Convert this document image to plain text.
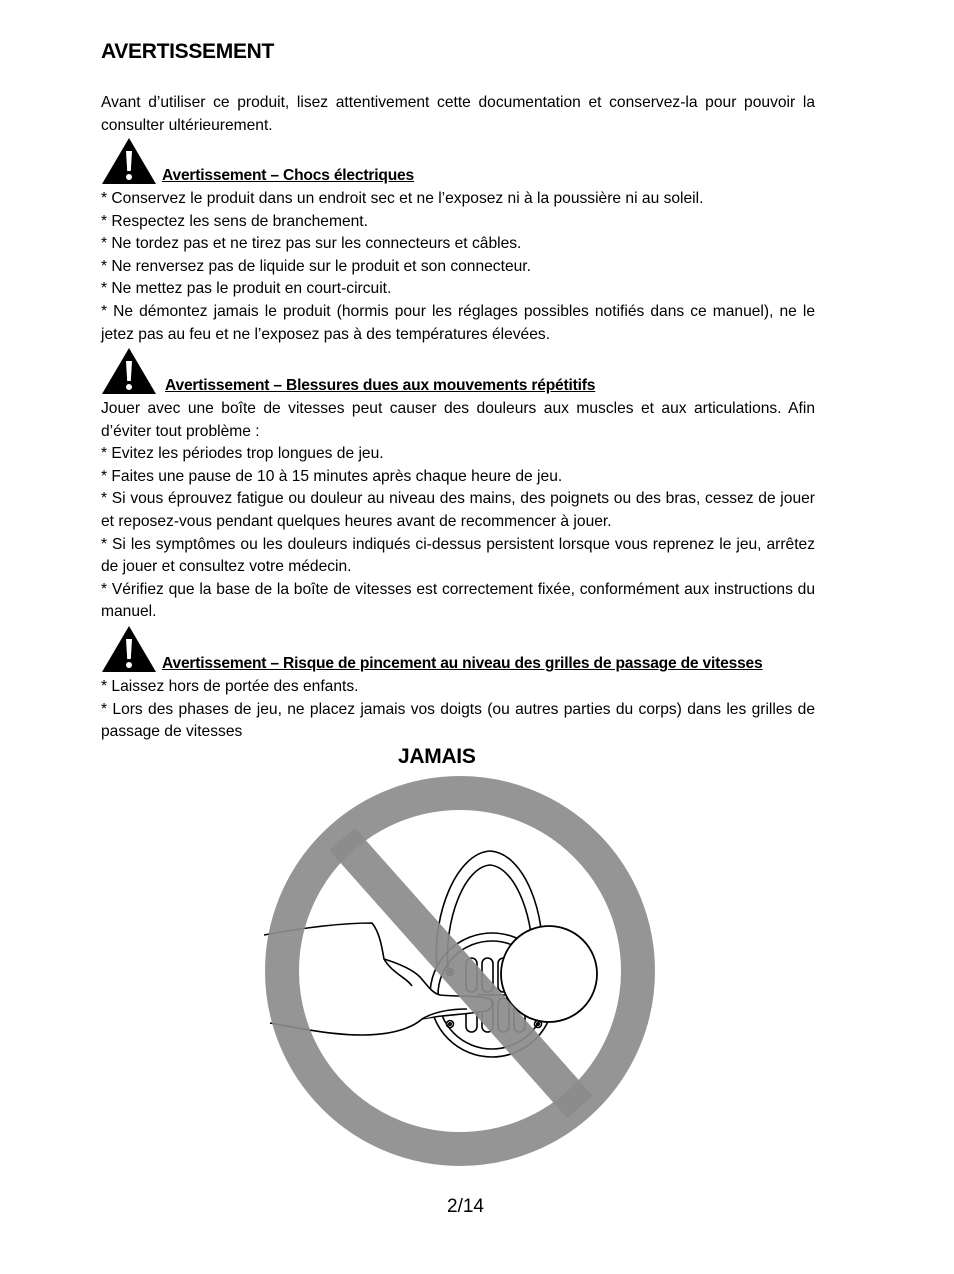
AVERTISSEMENT

Avant d’utiliser ce produit, lisez attentivement cette documentation et conservez-la pour pouvoir la consulter ultérieurement.

Avertissement – Chocs électriques

* Conservez le produit dans un endroit sec et ne l’exposez ni à la poussière ni au soleil.

* Respectez les sens de branchement.

* Ne tordez pas et ne tirez pas sur les connecteurs et câbles.

* Ne renversez pas de liquide sur le produit et son connecteur.

* Ne mettez pas le produit en court-circuit.

* Ne démontez jamais le produit (hormis pour les réglages possibles notifiés dans ce manuel), ne le jetez pas au feu et ne l’exposez pas à des températures élevées.

Avertissement – Blessures dues aux mouvements répétitifs

Jouer avec une boîte de vitesses peut causer des douleurs aux muscles et aux articulations. Afin d’éviter tout problème :

* Evitez les périodes trop longues de jeu.

* Faites une pause de 10 à 15 minutes après chaque heure de jeu.

* Si vous éprouvez fatigue ou douleur au niveau des mains, des poignets ou des bras, cessez de jouer et reposez-vous pendant quelques heures avant de recommencer à jouer.

* Si les symptômes ou les douleurs indiqués ci-dessus persistent lorsque vous reprenez le jeu, arrêtez de jouer et consultez votre médecin.

* Vérifiez que la base de la boîte de vitesses est correctement fixée, conformément aux instructions du manuel.

Avertissement – Risque de pincement au niveau des grilles de passage de vitesses

* Laissez hors de portée des enfants.

* Lors des phases de jeu, ne placez jamais vos doigts (ou autres parties du corps) dans les grilles de passage de vitesses

JAMAIS

2/14
